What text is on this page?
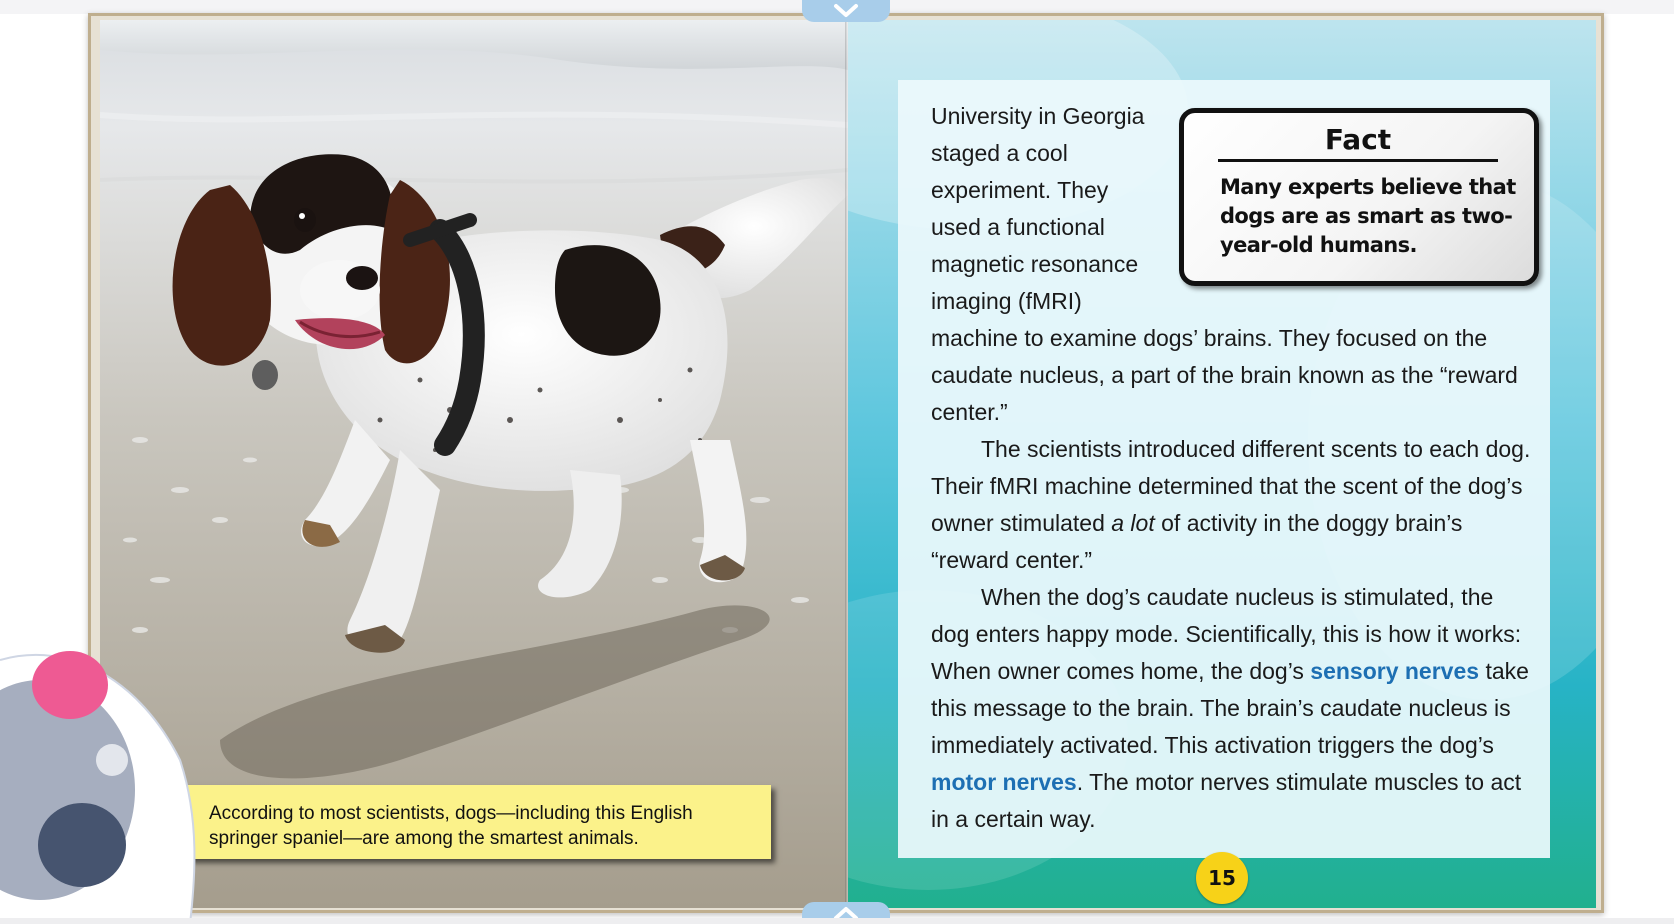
According to most scientists, dogs—including this English springer spaniel—are among the smartest animals.
Fact
Many experts believe that dogs are as smart as two-year-old humans.

University in Georgia staged a cool experiment. They used a functional magnetic resonance imaging (fMRI) machine to examine dogs’ brains. They focused on the caudate nucleus, a part of the brain known as the “reward center.”

The scientists introduced different scents to each dog. Their fMRI machine determined that the scent of the dog’s owner stimulated a lot of activity in the doggy brain’s “reward center.”

When the dog’s caudate nucleus is stimulated, the dog enters happy mode. Scientifically, this is how it works: When owner comes home, the dog’s sensory nerves take this message to the brain. The brain’s caudate nucleus is immediately activated. This activation triggers the dog’s motor nerves. The motor nerves stimulate muscles to act in a certain way.

15
